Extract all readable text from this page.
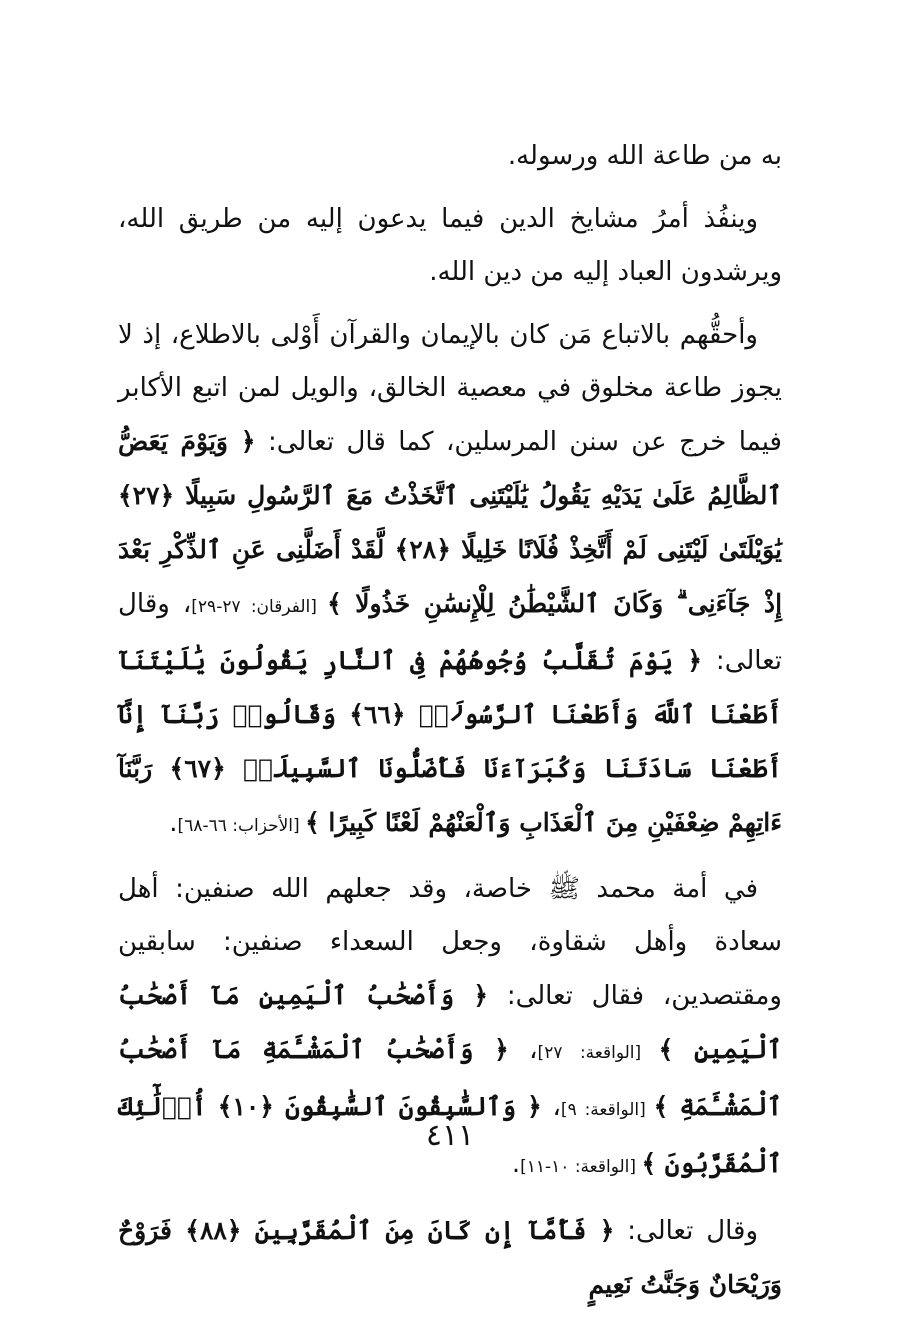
به من طاعة الله ورسوله.

وينفُذ أمرُ مشايخ الدين فيما يدعون إليه من طريق الله، ويرشدون العباد إليه من دين الله.

وأحقُّهم بالاتباع مَن كان بالإيمان والقرآن أَوْلى بالاطلاع، إذ لا يجوز طاعة مخلوق في معصية الخالق، والويل لمن اتبع الأكابر فيما خرج عن سنن المرسلين، كما قال تعالى: ﴿ وَيَوْمَ يَعَضُّ ٱلظَّالِمُ عَلَىٰ يَدَيْهِ يَقُولُ يَٰلَيْتَنِى ٱتَّخَذْتُ مَعَ ٱلرَّسُولِ سَبِيلًا ﴿٢٧﴾ يَٰوَيْلَتَىٰ لَيْتَنِى لَمْ أَتَّخِذْ فُلَانًا خَلِيلًا ﴿٢٨﴾ لَّقَدْ أَضَلَّنِى عَنِ ٱلذِّكْرِ بَعْدَ إِذْ جَآءَنِى ۗ وَكَانَ ٱلشَّيْطَٰنُ لِلْإِنسَٰنِ خَذُولًا ﴾ [الفرقان: ٢٧-٢٩]، وقال تعالى: ﴿ يَوْمَ تُقَلَّبُ وُجُوهُهُمْ فِى ٱلنَّارِ يَقُولُونَ يَٰلَيْتَنَآ أَطَعْنَا ٱللَّهَ وَأَطَعْنَا ٱلرَّسُولَا۠ ﴿٦٦﴾ وَقَالُوا۟ رَبَّنَآ إِنَّآ أَطَعْنَا سَادَتَنَا وَكُبَرَآءَنَا فَأَضَلُّونَا ٱلسَّبِيلَا۠ ﴿٦٧﴾ رَبَّنَآ ءَاتِهِمْ ضِعْفَيْنِ مِنَ ٱلْعَذَابِ وَٱلْعَنْهُمْ لَعْنًا كَبِيرًا ﴾ [الأحزاب: ٦٦-٦٨].

في أمة محمد ﷺ خاصة، وقد جعلهم الله صنفين: أهل سعادة وأهل شقاوة، وجعل السعداء صنفين: سابقين ومقتصدين، فقال تعالى: ﴿ وَأَصْحَٰبُ ٱلْيَمِينِ مَآ أَصْحَٰبُ ٱلْيَمِينِ ﴾ [الواقعة: ٢٧]، ﴿ وَأَصْحَٰبُ ٱلْمَشْـَٔمَةِ مَآ أَصْحَٰبُ ٱلْمَشْـَٔمَةِ ﴾ [الواقعة: ٩]، ﴿ وَٱلسَّٰبِقُونَ ٱلسَّٰبِقُونَ ﴿١٠﴾ أُو۟لَٰٓئِكَ ٱلْمُقَرَّبُونَ ﴾ [الواقعة: ١٠-١١].

وقال تعالى: ﴿ فَأَمَّآ إِن كَانَ مِنَ ٱلْمُقَرَّبِينَ ﴿٨٨﴾ فَرَوْحٌ وَرَيْحَانٌ وَجَنَّتُ نَعِيمٍ

٤١١
